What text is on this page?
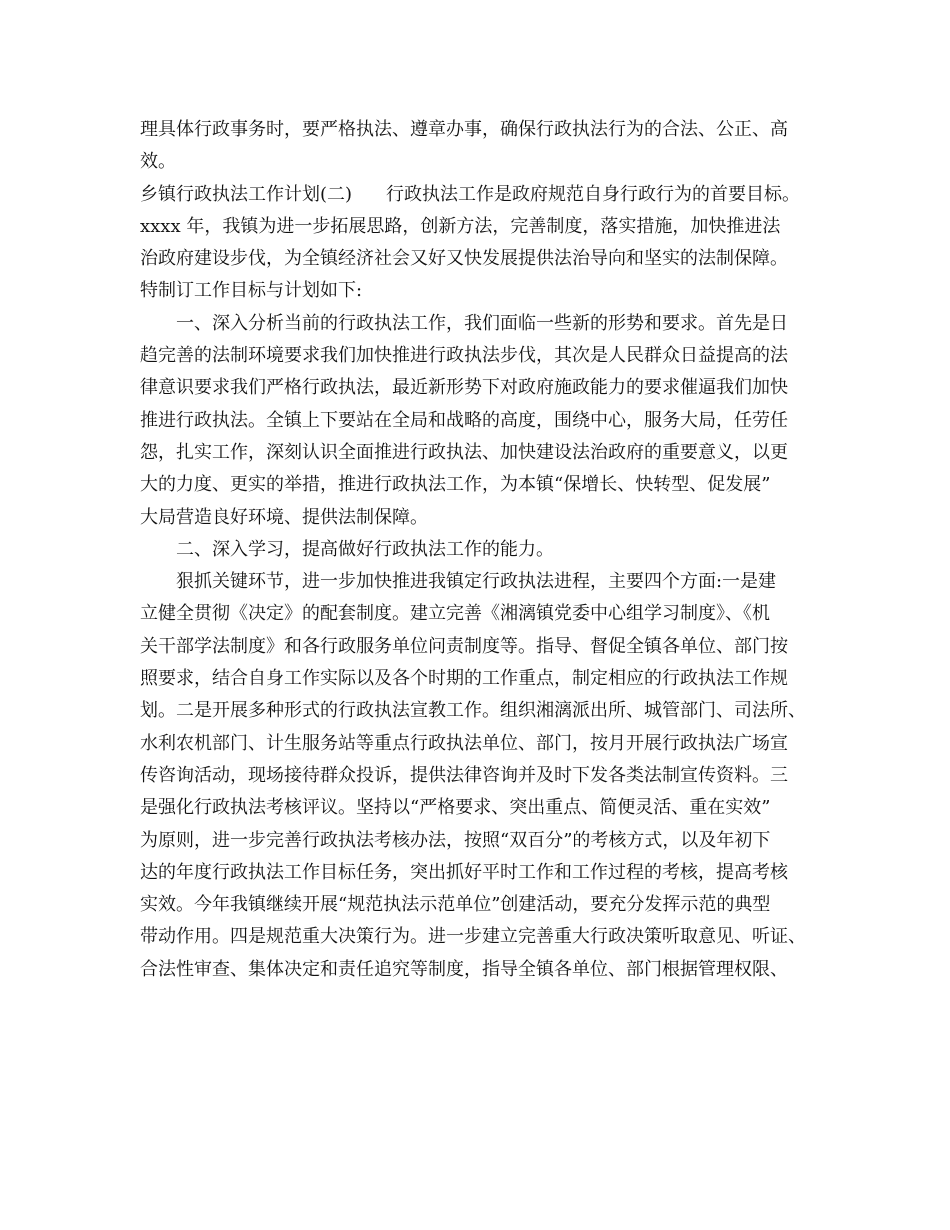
理具体行政事务时，要严格执法、遵章办事，确保行政执法行为的合法、公正、高
效。
乡镇行政执法工作计划(二) 行政执法工作是政府规范自身行政行为的首要目标。
xxxx 年，我镇为进一步拓展思路，创新方法，完善制度，落实措施，加快推进法
治政府建设步伐，为全镇经济社会又好又快发展提供法治导向和坚实的法制保障。
特制订工作目标与计划如下:
一、深入分析当前的行政执法工作，我们面临一些新的形势和要求。首先是日
趋完善的法制环境要求我们加快推进行政执法步伐，其次是人民群众日益提高的法
律意识要求我们严格行政执法，最近新形势下对政府施政能力的要求催逼我们加快
推进行政执法。全镇上下要站在全局和战略的高度，围绕中心，服务大局，任劳任
怨，扎实工作，深刻认识全面推进行政执法、加快建设法治政府的重要意义，以更
大的力度、更实的举措，推进行政执法工作，为本镇“保增长、快转型、促发展”
大局营造良好环境、提供法制保障。
二、深入学习，提高做好行政执法工作的能力。
狠抓关键环节，进一步加快推进我镇定行政执法进程，主要四个方面:一是建
立健全贯彻《决定》的配套制度。建立完善《湘漓镇党委中心组学习制度》、《机
关干部学法制度》和各行政服务单位问责制度等。指导、督促全镇各单位、部门按
照要求，结合自身工作实际以及各个时期的工作重点，制定相应的行政执法工作规
划。二是开展多种形式的行政执法宣教工作。组织湘漓派出所、城管部门、司法所、
水利农机部门、计生服务站等重点行政执法单位、部门，按月开展行政执法广场宣
传咨询活动，现场接待群众投诉，提供法律咨询并及时下发各类法制宣传资料。三
是强化行政执法考核评议。坚持以“严格要求、突出重点、简便灵活、重在实效”
为原则，进一步完善行政执法考核办法，按照“双百分”的考核方式，以及年初下
达的年度行政执法工作目标任务，突出抓好平时工作和工作过程的考核，提高考核
实效。今年我镇继续开展“规范执法示范单位”创建活动，要充分发挥示范的典型
带动作用。四是规范重大决策行为。进一步建立完善重大行政决策听取意见、听证、
合法性审查、集体决定和责任追究等制度，指导全镇各单位、部门根据管理权限、
